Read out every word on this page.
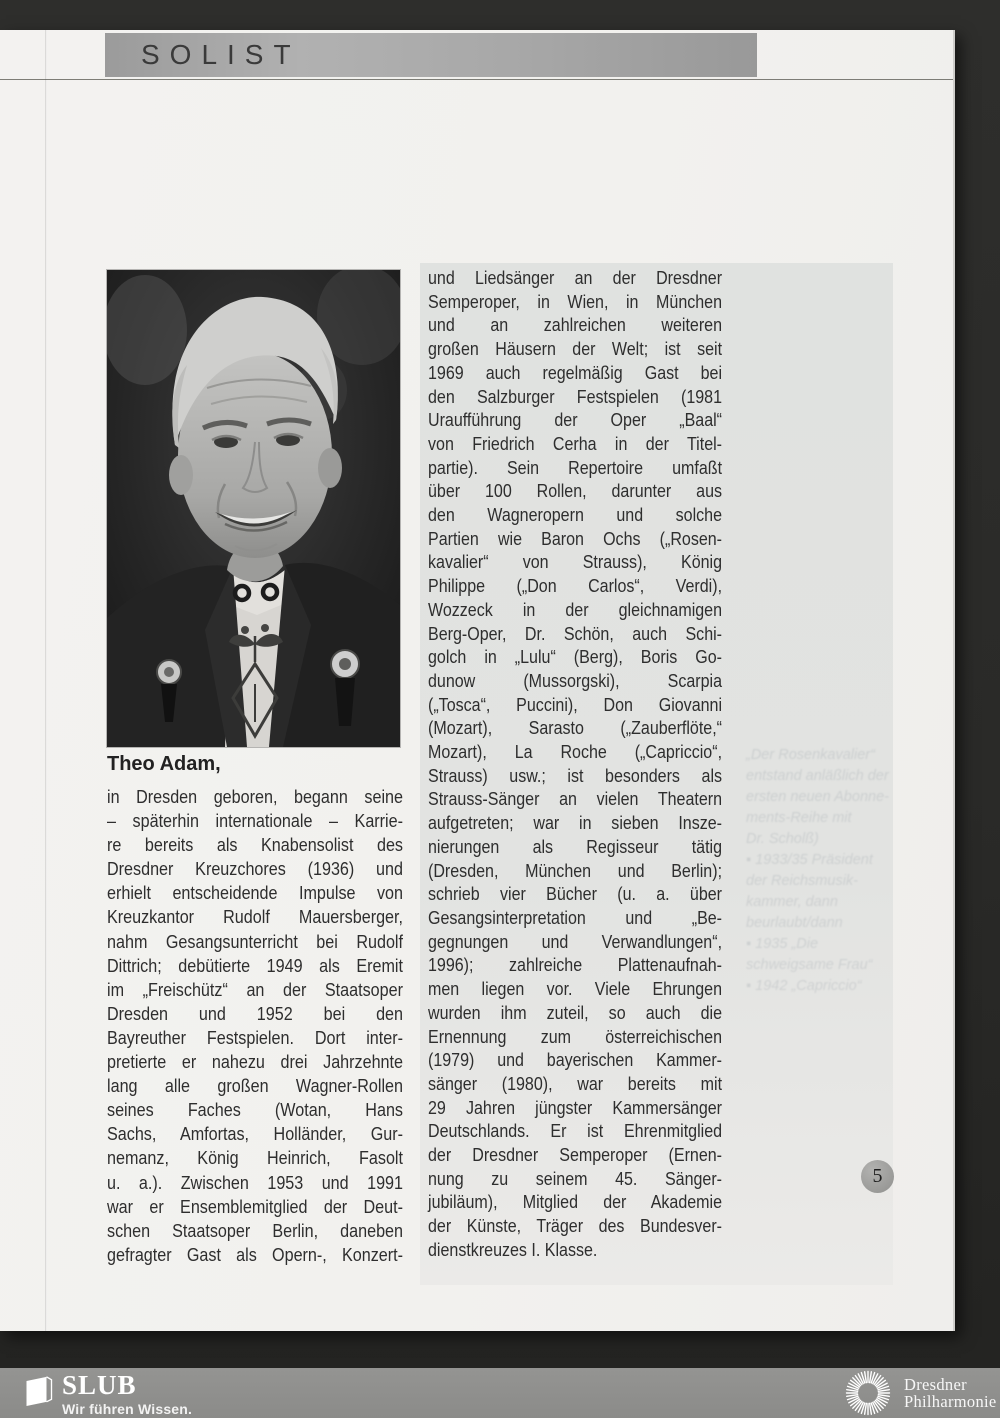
SOLIST
„Der Rosenkavalier“
entstand anläßlich der
ersten neuen Abonne-
ments-Reihe mit
Dr. Scholß)
▪ 1933/35 Präsident
der Reichsmusik-
kammer, dann
beurlaubt/dann
▪ 1935 „Die
schweigsame Frau“
▪ 1942 „Capriccio“
Theo Adam,
in Dresden geboren, begann seine
– späterhin internationale – Karrie-
re bereits als Knabensolist des
Dresdner Kreuzchores (1936) und
erhielt entscheidende Impulse von
Kreuzkantor Rudolf Mauersberger,
nahm Gesangsunterricht bei Rudolf
Dittrich; debütierte 1949 als Eremit
im „Freischütz“ an der Staatsoper
Dresden und 1952 bei den
Bayreuther Festspielen. Dort inter-
pretierte er nahezu drei Jahrzehnte
lang alle großen Wagner-Rollen
seines Faches (Wotan, Hans
Sachs, Amfortas, Holländer, Gur-
nemanz, König Heinrich, Fasolt
u. a.). Zwischen 1953 und 1991
war er Ensemblemitglied der Deut-
schen Staatsoper Berlin, daneben
gefragter Gast als Opern-, Konzert-
und Liedsänger an der Dresdner
Semperoper, in Wien, in München
und an zahlreichen weiteren
großen Häusern der Welt; ist seit
1969 auch regelmäßig Gast bei
den Salzburger Festspielen (1981
Uraufführung der Oper „Baal“
von Friedrich Cerha in der Titel-
partie). Sein Repertoire umfaßt
über 100 Rollen, darunter aus
den Wagneropern und solche
Partien wie Baron Ochs („Rosen-
kavalier“ von Strauss), König
Philippe („Don Carlos“, Verdi),
Wozzeck in der gleichnamigen
Berg-Oper, Dr. Schön, auch Schi-
golch in „Lulu“ (Berg), Boris Go-
dunow (Mussorgski), Scarpia
(„Tosca“, Puccini), Don Giovanni
(Mozart), Sarasto („Zauberflöte,“
Mozart), La Roche („Capriccio“,
Strauss) usw.; ist besonders als
Strauss-Sänger an vielen Theatern
aufgetreten; war in sieben Insze-
nierungen als Regisseur tätig
(Dresden, München und Berlin);
schrieb vier Bücher (u. a. über
Gesangsinterpretation und „Be-
gegnungen und Verwandlungen“,
1996); zahlreiche Plattenaufnah-
men liegen vor. Viele Ehrungen
wurden ihm zuteil, so auch die
Ernennung zum österreichischen
(1979) und bayerischen Kammer-
sänger (1980), war bereits mit
29 Jahren jüngster Kammersänger
Deutschlands. Er ist Ehrenmitglied
der Dresdner Semperoper (Ernen-
nung zu seinem 45. Sänger-
jubiläum), Mitglied der Akademie
der Künste, Träger des Bundesver-
dienstkreuzes I. Klasse.
5
SLUB
Wir führen Wissen.
Dresdner
Philharmonie
